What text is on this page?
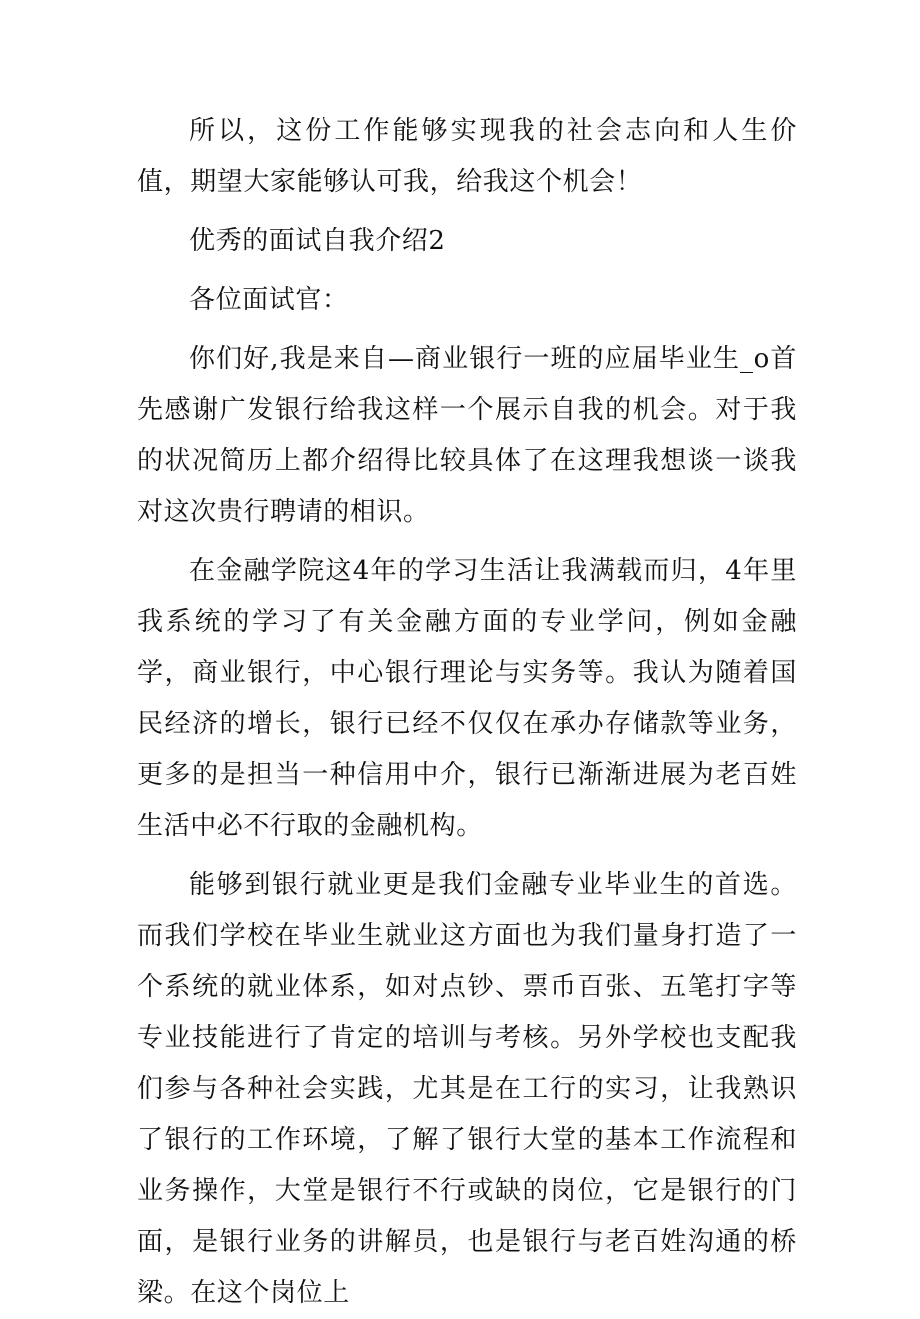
所以，这份工作能够实现我的社会志向和人生价值，期望大家能够认可我，给我这个机会！

优秀的面试自我介绍2

各位面试官：

你们好,我是来自—商业银行一班的应届毕业生_o首先感谢广发银行给我这样一个展示自我的机会。对于我的状况简历上都介绍得比较具体了在这理我想谈一谈我对这次贵行聘请的相识。

在金融学院这4年的学习生活让我满载而归，4年里我系统的学习了有关金融方面的专业学问，例如金融学，商业银行，中心银行理论与实务等。我认为随着国民经济的增长，银行已经不仅仅在承办存储款等业务，更多的是担当一种信用中介，银行已渐渐进展为老百姓生活中必不行取的金融机构。

能够到银行就业更是我们金融专业毕业生的首选。而我们学校在毕业生就业这方面也为我们量身打造了一个系统的就业体系，如对点钞、票币百张、五笔打字等专业技能进行了肯定的培训与考核。另外学校也支配我们参与各种社会实践，尤其是在工行的实习，让我熟识了银行的工作环境，了解了银行大堂的基本工作流程和业务操作，大堂是银行不行或缺的岗位，它是银行的门面，是银行业务的讲解员，也是银行与老百姓沟通的桥梁。在这个岗位上
